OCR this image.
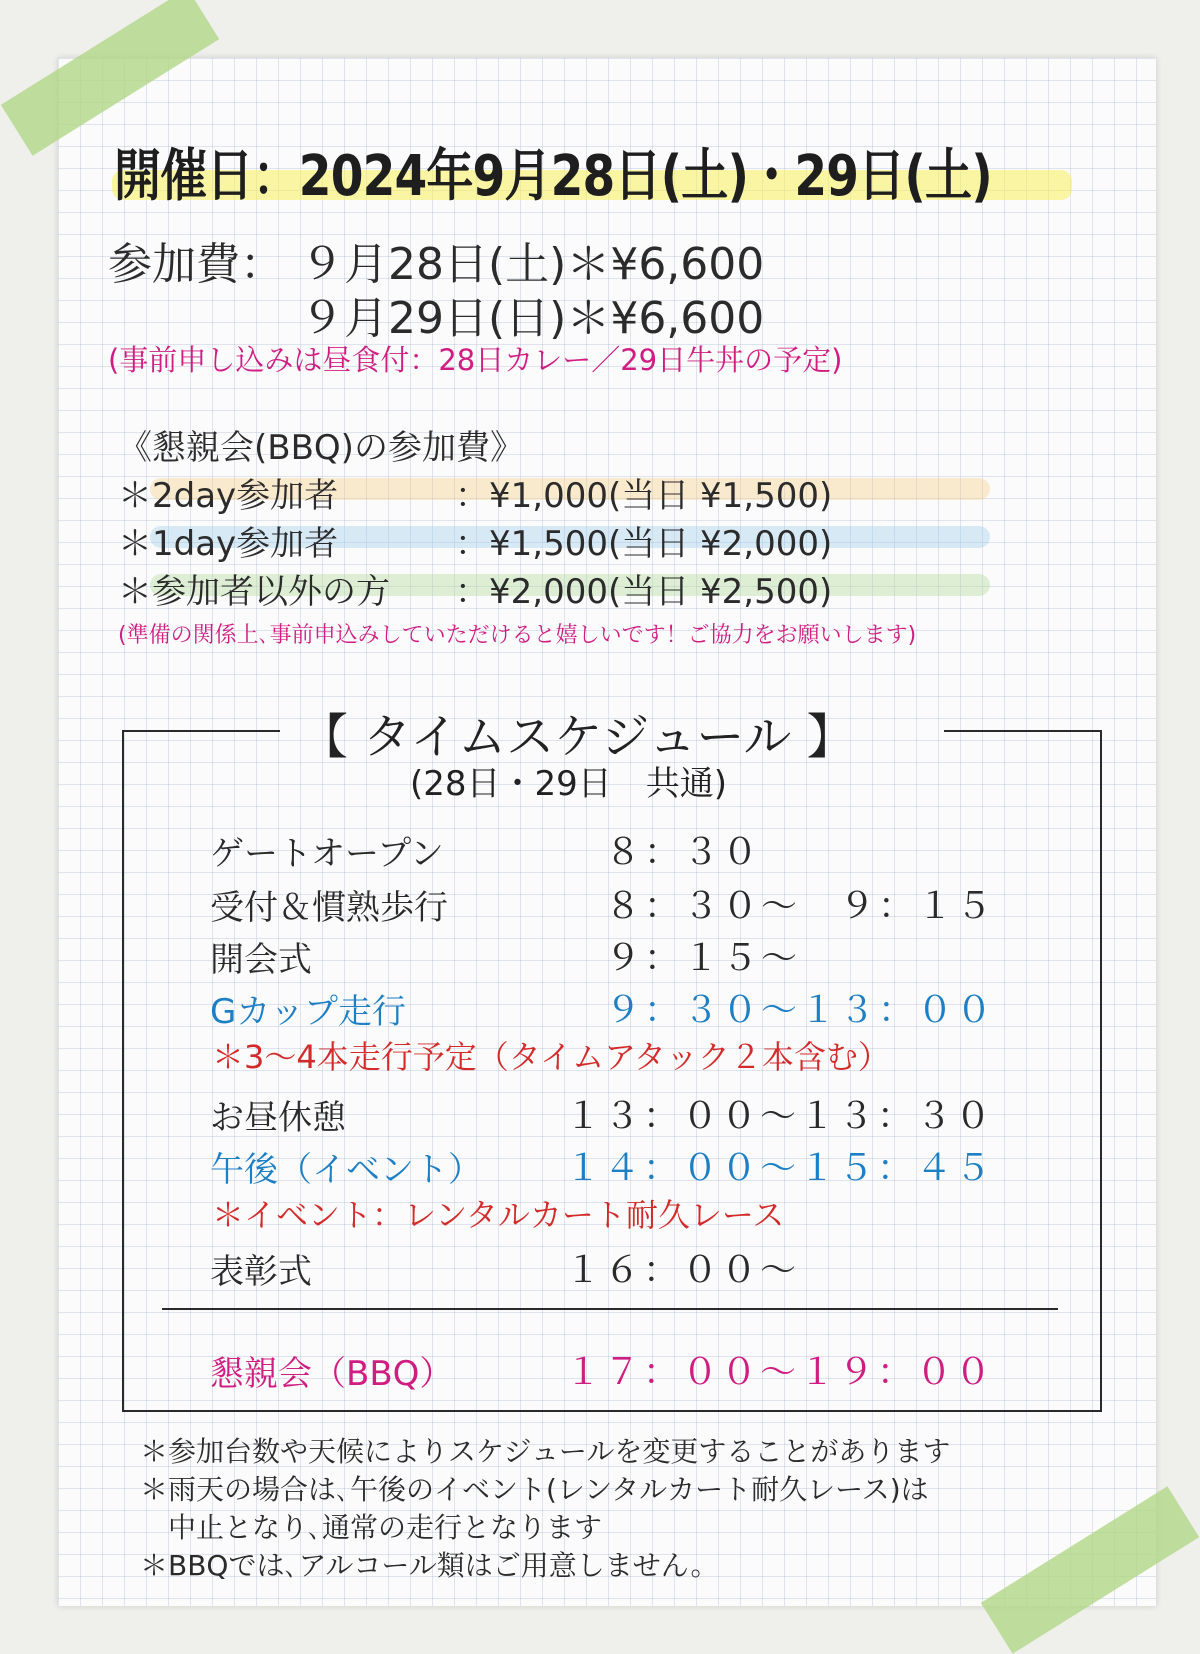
開催日：2024年9月28日(土)・29日(土)
参加費： ９月28日(土)＊¥6,600
９月29日(日)＊¥6,600
(事前申し込みは昼食付：28日カレー／29日牛丼の予定)
《懇親会(BBQ)の参加費》
＊2day参加者	：¥1,000(当日 ¥1,500)
＊1day参加者	：¥1,500(当日 ¥2,000)
＊参加者以外の方 ：¥2,000(当日 ¥2,500)
(準備の関係上､事前申込みしていただけると嬉しいです！ご協力をお願いします)
【 タイムスケジュール 】
(28日・29日　共通)
ゲートオープン	８：３０
受付＆慣熟歩行	８：３０〜　９：１５
開会式	９：１５〜
Gカップ走行	９：３０〜１３：００
＊3〜4本走行予定（タイムアタック２本含む）
お昼休憩	１３：００〜１３：３０
午後（イベント） １４：００〜１５：４５
＊イベント：レンタルカート耐久レース
表彰式	１６：００〜
懇親会（BBQ）	１７：００〜１９：００
＊参加台数や天候によりスケジュールを変更することがあります
＊雨天の場合は､午後のイベント(レンタルカート耐久レース)は
中止となり､通常の走行となります
＊BBQでは､アルコール類はご用意しません。
